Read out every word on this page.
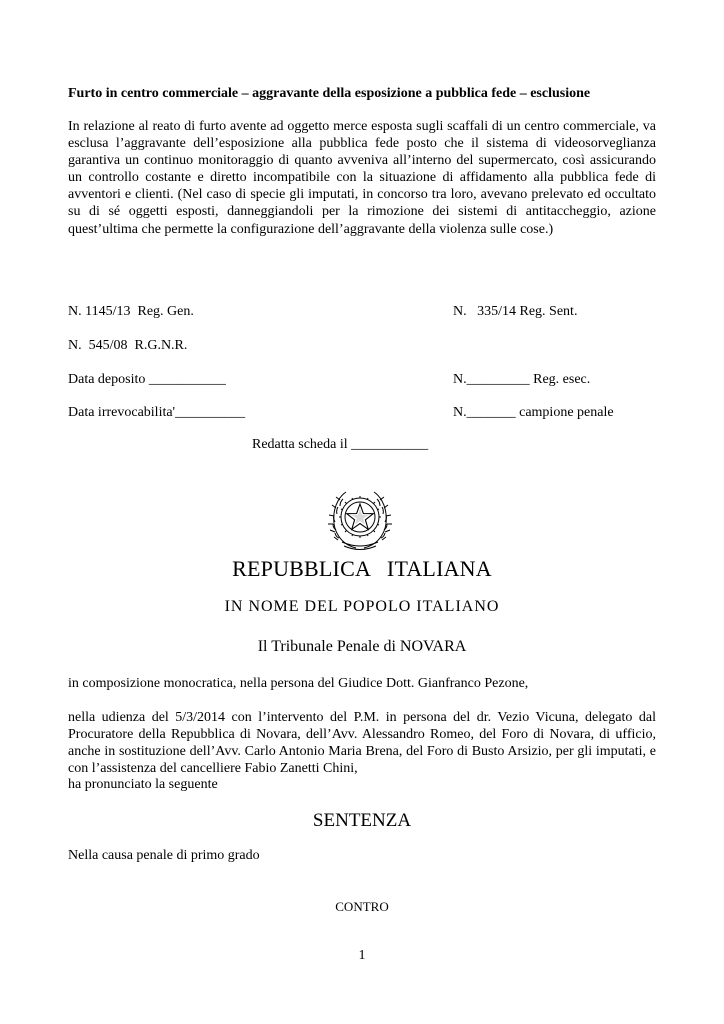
Furto in centro commerciale – aggravante della esposizione a pubblica fede – esclusione

In relazione al reato di furto avente ad oggetto merce esposta sugli scaffali di un centro commerciale, va esclusa l’aggravante dell’esposizione alla pubblica fede posto che il sistema di videosorveglianza garantiva un continuo monitoraggio di quanto avveniva all’interno del supermercato, così assicurando un controllo costante e diretto incompatibile con la situazione di affidamento alla pubblica fede di avventori e clienti. (Nel caso di specie gli imputati, in concorso tra loro, avevano prelevato ed occultato su di sé oggetti esposti, danneggiandoli per la rimozione dei sistemi di antitaccheggio, azione quest’ultima che permette la configurazione dell’aggravante della violenza sulle cose.)

N. 1145/13  Reg. Gen.	N.   335/14 Reg. Sent.
N.  545/08  R.G.N.R.
Data deposito ___________	N._________ Reg. esec.
Data irrevocabilita'__________	N._______ campione penale
Redatta scheda il ___________
REPUBBLICA   ITALIANA
IN NOME DEL POPOLO ITALIANO
Il Tribunale Penale di NOVARA
in composizione monocratica, nella persona del Giudice Dott. Gianfranco Pezone,

nella udienza del 5/3/2014 con l’intervento del P.M. in persona del dr. Vezio Vicuna, delegato dal Procuratore della Repubblica di Novara, dell’Avv. Alessandro Romeo, del Foro di Novara, di ufficio, anche in sostituzione dell’Avv. Carlo Antonio Maria Brena, del Foro di Busto Arsizio, per gli imputati, e con l’assistenza del cancelliere Fabio Zanetti Chini,

ha pronunciato la seguente
SENTENZA
Nella causa penale di primo grado
CONTRO
1
